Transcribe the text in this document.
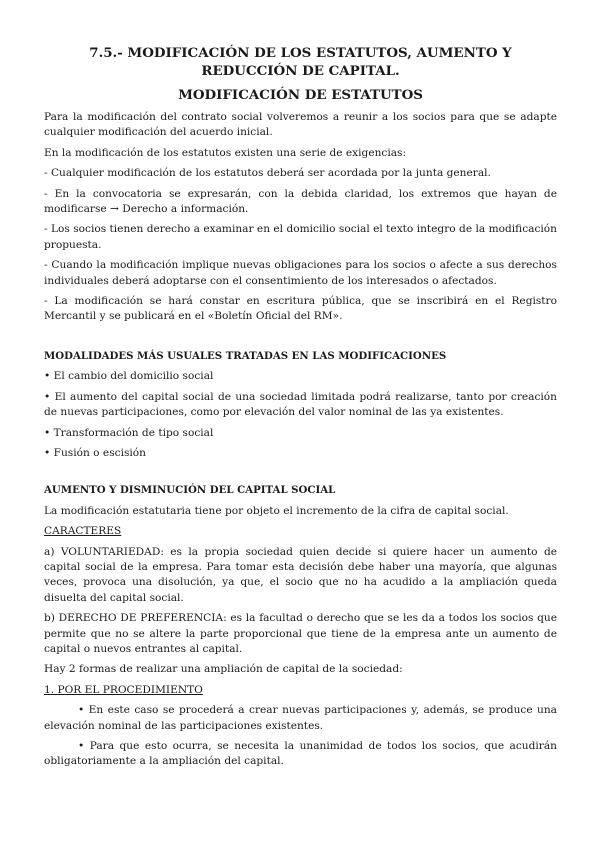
7.5.- MODIFICACIÓN DE LOS ESTATUTOS, AUMENTO Y REDUCCIÓN DE CAPITAL.
MODIFICACIÓN DE ESTATUTOS

Para la modificación del contrato social volveremos a reunir a los socios para que se adapte cualquier modificación del acuerdo inicial.

En la modificación de los estatutos existen una serie de exigencias:

- Cualquier modificación de los estatutos deberá ser acordada por la junta general.

- En la convocatoria se expresarán, con la debida claridad, los extremos que hayan de modificarse → Derecho a información.

- Los socios tienen derecho a examinar en el domicilio social el texto integro de la modificación propuesta.

- Cuando la modificación implique nuevas obligaciones para los socios o afecte a sus derechos individuales deberá adoptarse con el consentimiento de los interesados o afectados.

- La modificación se hará constar en escritura pública, que se inscribirá en el Registro Mercantil y se publicará en el «Boletín Oficial del RM».

MODALIDADES MÁS USUALES TRATADAS EN LAS MODIFICACIONES

• El cambio del domicilio social

• El aumento del capital social de una sociedad limitada podrá realizarse, tanto por creación de nuevas participaciones, como por elevación del valor nominal de las ya existentes.

• Transformación de tipo social

• Fusión o escisión

AUMENTO Y DISMINUCIÓN DEL CAPITAL SOCIAL

La modificación estatutaria tiene por objeto el incremento de la cifra de capital social.

CARACTERES

a) VOLUNTARIEDAD: es la propia sociedad quien decide si quiere hacer un aumento de capital social de la empresa. Para tomar esta decisión debe haber una mayoría, que algunas veces, provoca una disolución, ya que, el socio que no ha acudido a la ampliación queda disuelta del capital social.

b) DERECHO DE PREFERENCIA: es la facultad o derecho que se les da a todos los socios que permite que no se altere la parte proporcional que tiene de la empresa ante un aumento de capital o nuevos entrantes al capital.

Hay 2 formas de realizar una ampliación de capital de la sociedad:

1. POR EL PROCEDIMIENTO

• En este caso se procederá a crear nuevas participaciones y, además, se produce una elevación nominal de las participaciones existentes.

• Para que esto ocurra, se necesita la unanimidad de todos los socios, que acudirán obligatoriamente a la ampliación del capital.
